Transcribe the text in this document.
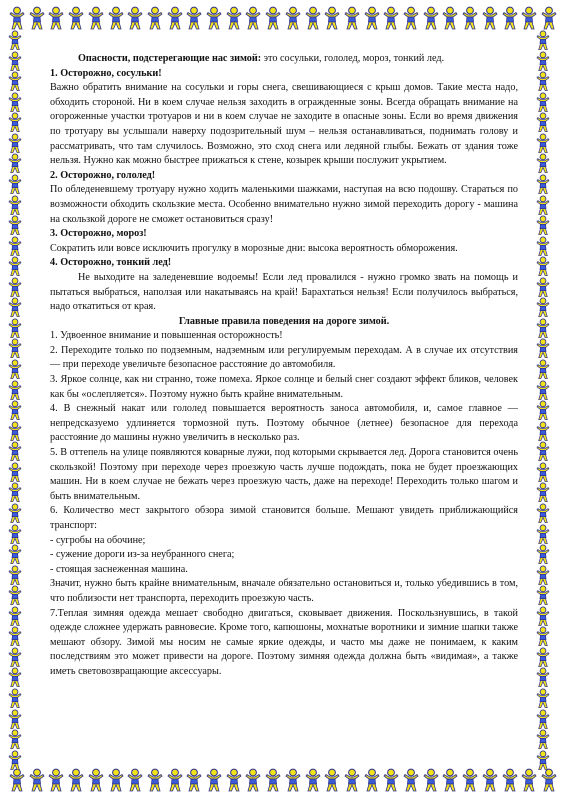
Опасности, подстерегающие нас зимой: это сосульки, гололед, мороз, тонкий лед.

1. Осторожно, сосульки!

Важно обратить внимание на сосульки и горы снега, свешивающиеся с крыш домов. Такие места надо, обходить стороной. Ни в коем случае нельзя заходить в огражденные зоны. Всегда обращать внимание на огороженные участки тротуаров и ни в коем случае не заходите в опасные зоны. Если во время движения по тротуару вы услышали наверху подозрительный шум – нельзя останавливаться, поднимать голову и рассматривать, что там случилось. Возможно, это сход снега или ледяной глыбы. Бежать от здания тоже нельзя. Нужно как можно быстрее прижаться к стене, козырек крыши послужит укрытием.

2. Осторожно, гололед!

По обледеневшему тротуару нужно ходить маленькими шажками, наступая на всю подошву. Стараться по возможности обходить скользкие места. Особенно внимательно нужно зимой переходить дорогу - машина на скользкой дороге не сможет остановиться сразу!

3. Осторожно, мороз!

Сократить или вовсе исключить прогулку в морозные дни: высока вероятность обморожения.

4. Осторожно, тонкий лед!

Не выходите на заледеневшие водоемы! Если лед провалился - нужно громко звать на помощь и пытаться выбраться, наползая или накатываясь на край! Барахтаться нельзя! Если получилось выбраться, надо откатиться от края.

Главные правила поведения на дороге зимой.

1. Удвоенное внимание и повышенная осторожность!

2. Переходите только по подземным, надземным или регулируемым переходам. А в случае их отсутствия — при переходе увеличьте безопасное расстояние до автомобиля.

3. Яркое солнце, как ни странно, тоже помеха. Яркое солнце и белый снег создают эффект бликов, человек как бы «ослепляется». Поэтому нужно быть крайне внимательным.

4. В снежный накат или гололед повышается вероятность заноса автомобиля, и, самое главное — непредсказуемо удлиняется тормозной путь. Поэтому обычное (летнее) безопасное для перехода расстояние до машины нужно увеличить в несколько раз.

5. В оттепель на улице появляются коварные лужи, под которыми скрывается лед. Дорога становится очень скользкой! Поэтому при переходе через проезжую часть лучше подождать, пока не будет проезжающих машин. Ни в коем случае не бежать через проезжую часть, даже на переходе! Переходить только шагом и быть внимательным.

6. Количество мест закрытого обзора зимой становится больше. Мешают увидеть приближающийся транспорт:

- сугробы на обочине;

- сужение дороги из-за неубранного снега;

- стоящая заснеженная машина.

Значит, нужно быть крайне внимательным, вначале обязательно остановиться и, только убедившись в том, что поблизости нет транспорта, переходить проезжую часть.

7.Теплая зимняя одежда мешает свободно двигаться, сковывает движения. Поскользнувшись, в такой одежде сложнее удержать равновесие. Кроме того, капюшоны, мохнатые воротники и зимние шапки также мешают обзору. Зимой мы носим не самые яркие одежды, и часто мы даже не понимаем, к каким последствиям это может привести на дороге. Поэтому зимняя одежда должна быть «видимая», а также иметь световозвращающие аксессуары.
